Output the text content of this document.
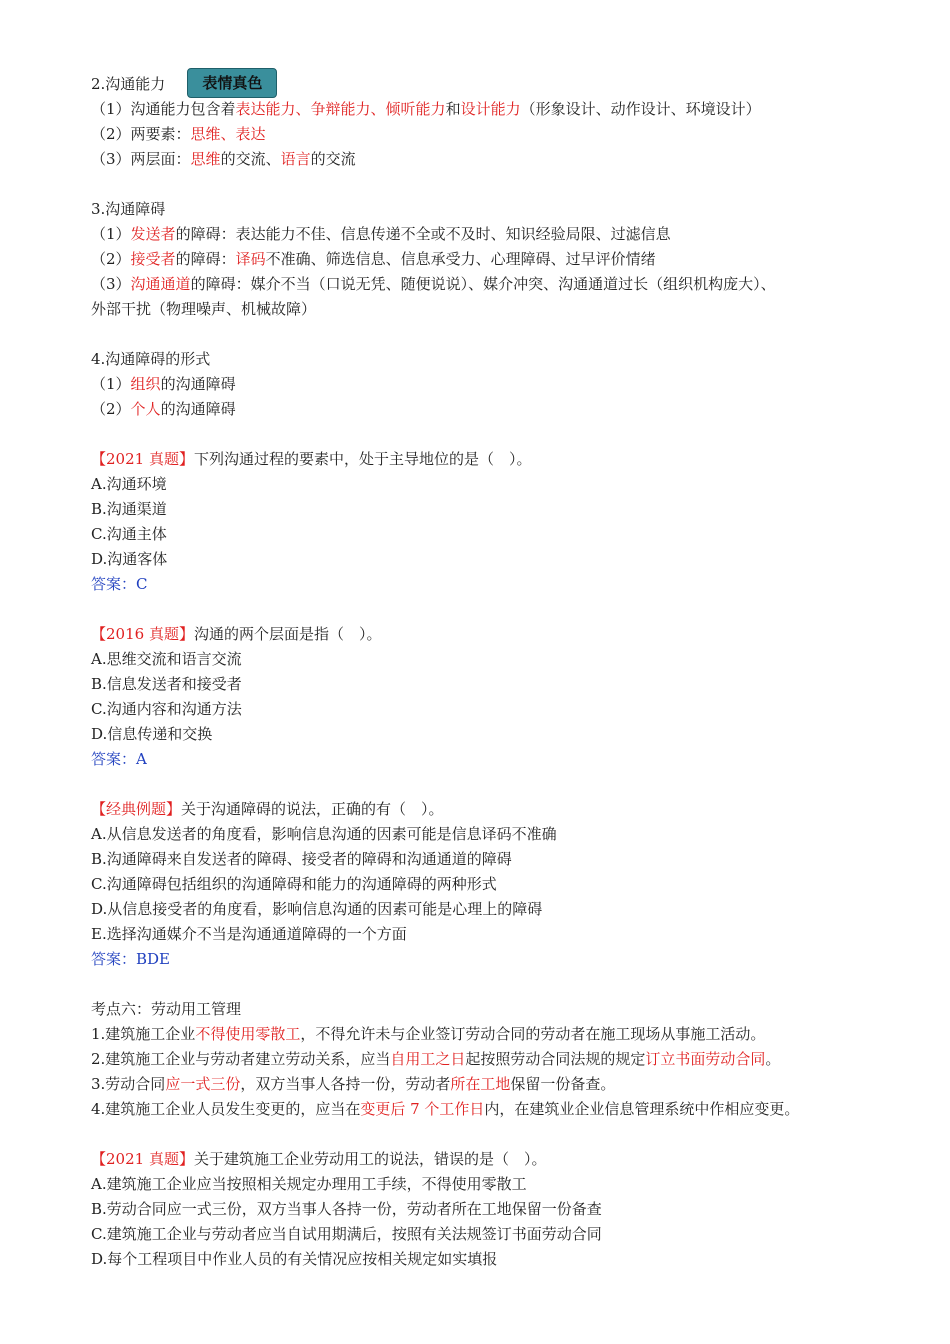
2.沟通能力	表情真色
（1）沟通能力包含着表达能力、争辩能力、倾听能力和设计能力（形象设计、动作设计、环境设计）
（2）两要素：思维、表达
（3）两层面：思维的交流、语言的交流
3.沟通障碍
（1）发送者的障碍：表达能力不佳、信息传递不全或不及时、知识经验局限、过滤信息
（2）接受者的障碍：译码不准确、筛选信息、信息承受力、心理障碍、过早评价情绪
（3）沟通通道的障碍：媒介不当（口说无凭、随便说说）、媒介冲突、沟通通道过长（组织机构庞大）、
外部干扰（物理噪声、机械故障）
4.沟通障碍的形式
（1）组织的沟通障碍
（2）个人的沟通障碍
【2021 真题】下列沟通过程的要素中，处于主导地位的是（　）。
A.沟通环境
B.沟通渠道
C.沟通主体
D.沟通客体
答案：C
【2016 真题】沟通的两个层面是指（　）。
A.思维交流和语言交流
B.信息发送者和接受者
C.沟通内容和沟通方法
D.信息传递和交换
答案：A
【经典例题】关于沟通障碍的说法，正确的有（　）。
A.从信息发送者的角度看，影响信息沟通的因素可能是信息译码不准确
B.沟通障碍来自发送者的障碍、接受者的障碍和沟通通道的障碍
C.沟通障碍包括组织的沟通障碍和能力的沟通障碍的两种形式
D.从信息接受者的角度看，影响信息沟通的因素可能是心理上的障碍
E.选择沟通媒介不当是沟通通道障碍的一个方面
答案：BDE
考点六：劳动用工管理
1.建筑施工企业不得使用零散工，不得允许未与企业签订劳动合同的劳动者在施工现场从事施工活动。
2.建筑施工企业与劳动者建立劳动关系，应当自用工之日起按照劳动合同法规的规定订立书面劳动合同。
3.劳动合同应一式三份，双方当事人各持一份，劳动者所在工地保留一份备查。
4.建筑施工企业人员发生变更的，应当在变更后 7 个工作日内，在建筑业企业信息管理系统中作相应变更。
【2021 真题】关于建筑施工企业劳动用工的说法，错误的是（　）。
A.建筑施工企业应当按照相关规定办理用工手续，不得使用零散工
B.劳动合同应一式三份，双方当事人各持一份，劳动者所在工地保留一份备查
C.建筑施工企业与劳动者应当自试用期满后，按照有关法规签订书面劳动合同
D.每个工程项目中作业人员的有关情况应按相关规定如实填报
